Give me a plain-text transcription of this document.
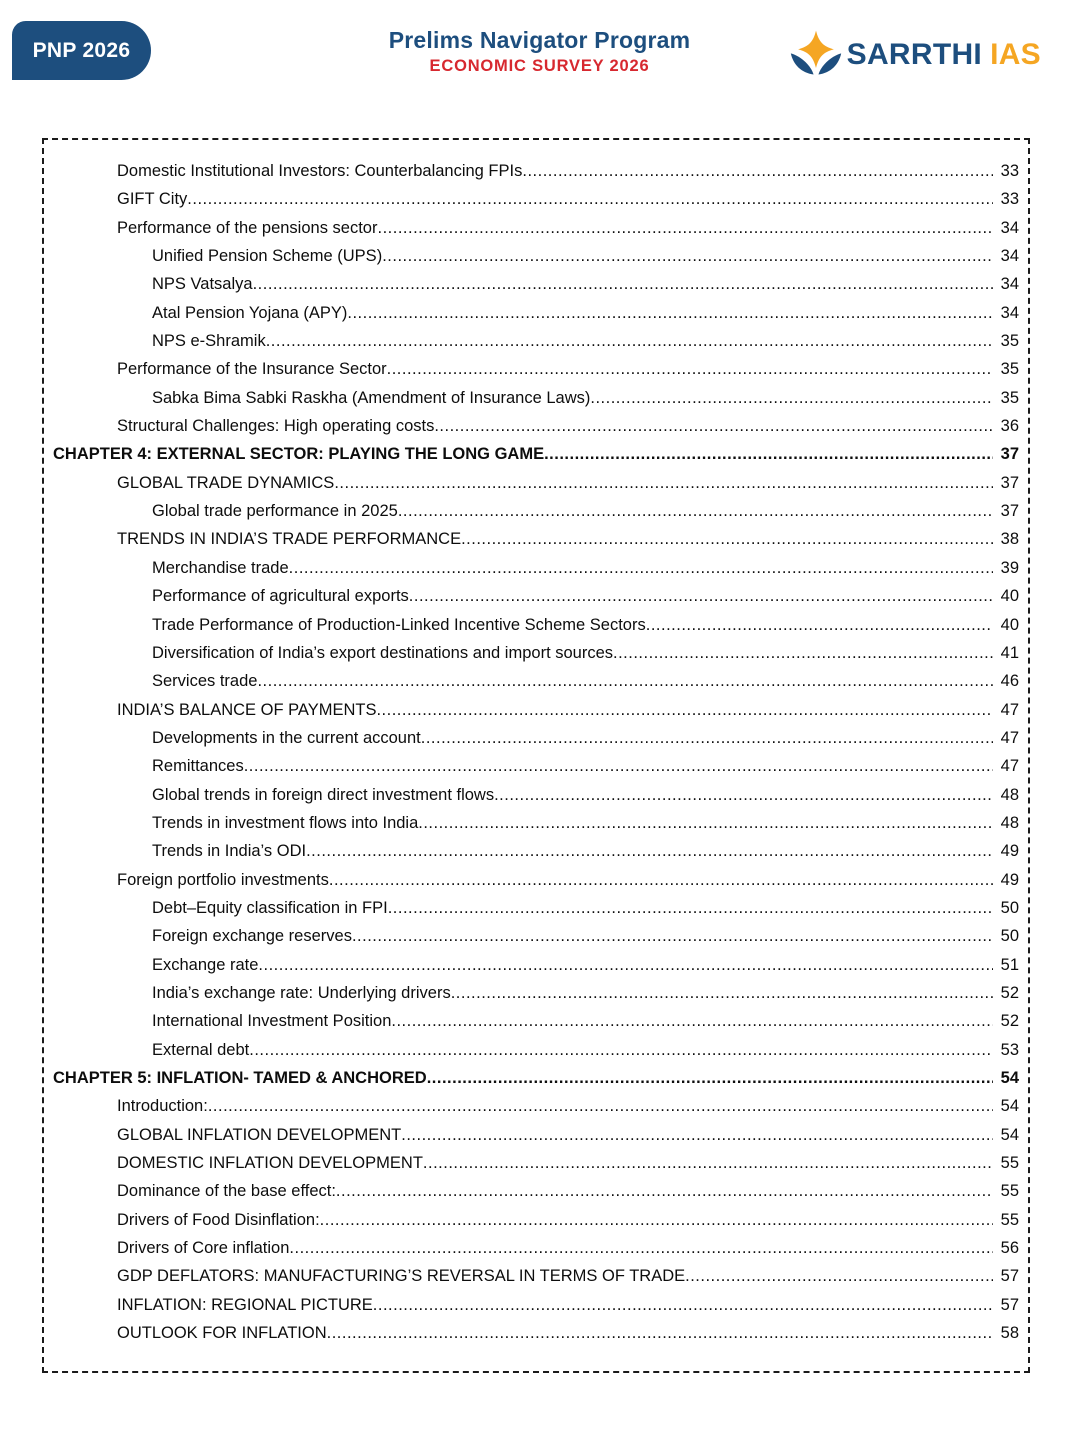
PNP 2026	Prelims Navigator Program
ECONOMIC SURVEY 2026	SARRTHI IAS
Domestic Institutional Investors: Counterbalancing FPIs .....	33
GIFT City .....	33
Performance of the pensions sector .....	34
Unified Pension Scheme (UPS) .....	34
NPS Vatsalya .....	34
Atal Pension Yojana (APY) .....	34
NPS e-Shramik .....	35
Performance of the Insurance Sector .....	35
Sabka Bima Sabki Raskha (Amendment of Insurance Laws) .....	35
Structural Challenges: High operating costs .....	36
CHAPTER 4: EXTERNAL SECTOR: PLAYING THE LONG GAME .....	37
GLOBAL TRADE DYNAMICS .....	37
Global trade performance in 2025 .....	37
TRENDS IN INDIA’S TRADE PERFORMANCE .....	38
Merchandise trade .....	39
Performance of agricultural exports .....	40
Trade Performance of Production-Linked Incentive Scheme Sectors .....	40
Diversification of India’s export destinations and import sources .....	41
Services trade .....	46
INDIA’S BALANCE OF PAYMENTS .....	47
Developments in the current account .....	47
Remittances .....	47
Global trends in foreign direct investment flows .....	48
Trends in investment flows into India .....	48
Trends in India’s ODI .....	49
Foreign portfolio investments .....	49
Debt–Equity classification in FPI .....	50
Foreign exchange reserves .....	50
Exchange rate .....	51
India’s exchange rate: Underlying drivers .....	52
International Investment Position .....	52
External debt .....	53
CHAPTER 5: INFLATION- TAMED & ANCHORED .....	54
Introduction: .....	54
GLOBAL INFLATION DEVELOPMENT .....	54
DOMESTIC INFLATION DEVELOPMENT .....	55
Dominance of the base effect: .....	55
Drivers of Food Disinflation: .....	55
Drivers of Core inflation .....	56
GDP DEFLATORS: MANUFACTURING’S REVERSAL IN TERMS OF TRADE .....	57
INFLATION: REGIONAL PICTURE .....	57
OUTLOOK FOR INFLATION .....	58
